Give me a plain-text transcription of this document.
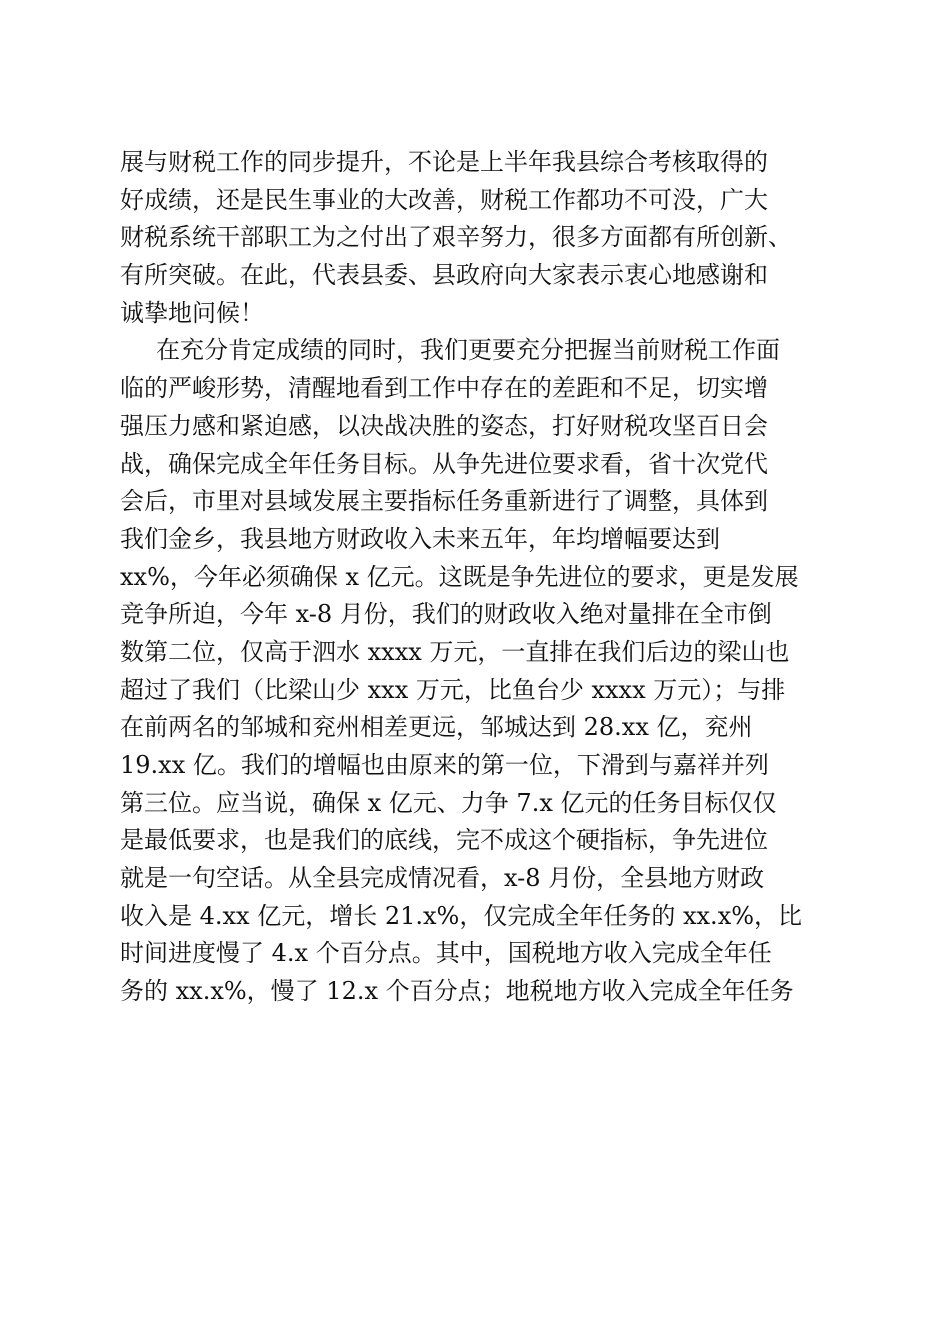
展与财税工作的同步提升，不论是上半年我县综合考核取得的
好成绩，还是民生事业的大改善，财税工作都功不可没，广大
财税系统干部职工为之付出了艰辛努力，很多方面都有所创新、
有所突破。在此，代表县委、县政府向大家表示衷心地感谢和
诚挚地问候！
在充分肯定成绩的同时，我们更要充分把握当前财税工作面
临的严峻形势，清醒地看到工作中存在的差距和不足，切实增
强压力感和紧迫感，以决战决胜的姿态，打好财税攻坚百日会
战，确保完成全年任务目标。从争先进位要求看，省十次党代
会后，市里对县域发展主要指标任务重新进行了调整，具体到
我们金乡，我县地方财政收入未来五年，年均增幅要达到
xx%，今年必须确保 x 亿元。这既是争先进位的要求，更是发展
竞争所迫，今年 x-8 月份，我们的财政收入绝对量排在全市倒
数第二位，仅高于泗水 xxxx 万元，一直排在我们后边的梁山也
超过了我们（比梁山少 xxx 万元，比鱼台少 xxxx 万元）；与排
在前两名的邹城和兖州相差更远，邹城达到 28.xx 亿，兖州
19.xx 亿。我们的增幅也由原来的第一位，下滑到与嘉祥并列
第三位。应当说，确保 x 亿元、力争 7.x 亿元的任务目标仅仅
是最低要求，也是我们的底线，完不成这个硬指标，争先进位
就是一句空话。从全县完成情况看，x-8 月份，全县地方财政
收入是 4.xx 亿元，增长 21.x%，仅完成全年任务的 xx.x%，比
时间进度慢了 4.x 个百分点。其中，国税地方收入完成全年任
务的 xx.x%，慢了 12.x 个百分点；地税地方收入完成全年任务
